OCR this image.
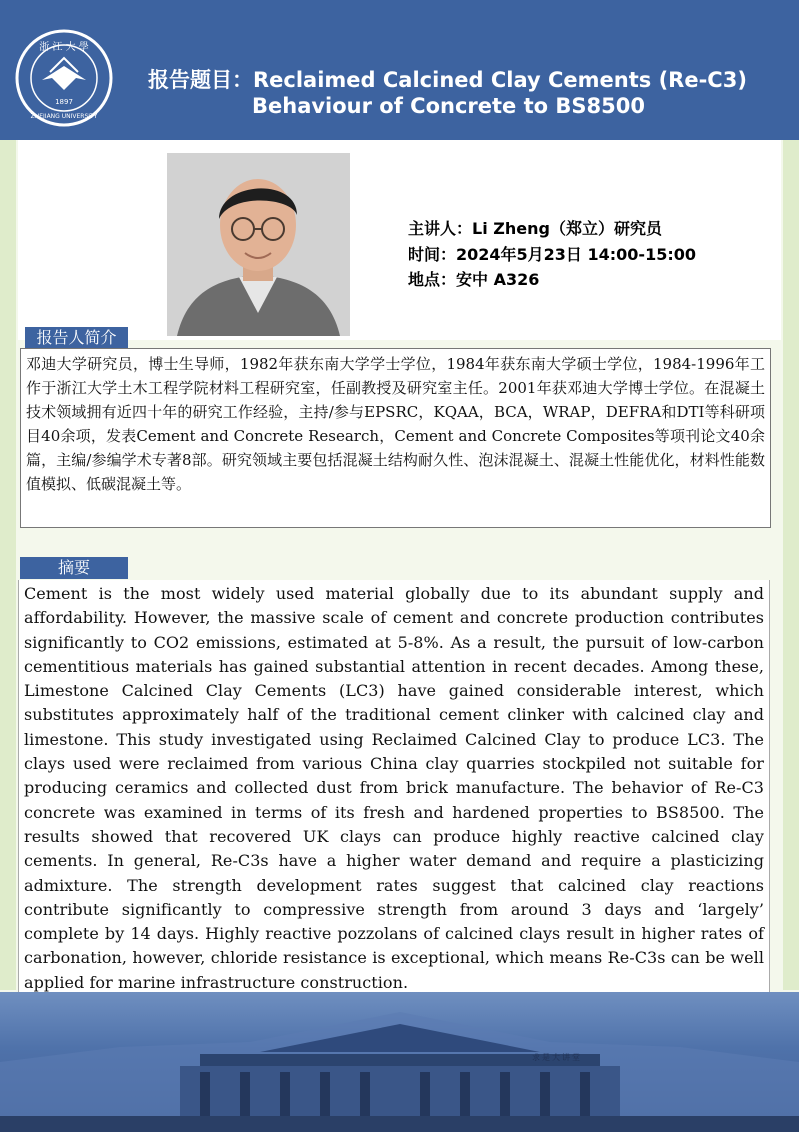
浙 江 大 學
1897
ZHEJIANG UNIVERSITY
报告题目：Reclaimed Calcined Clay Cements (Re-C3)
Behaviour of Concrete to BS8500
主讲人：Li Zheng（郑立）研究员
时间：2024年5月23日 14:00-15:00
地点：安中 A326
报告人简介
邓迪大学研究员，博士生导师，1982年获东南大学学士学位，1984年获东南大学硕士学位，1984-1996年工作于浙江大学土木工程学院材料工程研究室，任副教授及研究室主任。2001年获邓迪大学博士学位。在混凝土技术领域拥有近四十年的研究工作经验，主持/参与EPSRC，KQAA，BCA，WRAP，DEFRA和DTI等科研项目40余项，发表Cement and Concrete Research，Cement and Concrete Composites等项刊论文40余篇，主编/参编学术专著8部。研究领域主要包括混凝土结构耐久性、泡沫混凝土、混凝土性能优化，材料性能数值模拟、低碳混凝土等。
摘要
Cement is the most widely used material globally due to its abundant supply and affordability. However, the massive scale of cement and concrete production contributes significantly to CO2 emissions, estimated at 5-8%. As a result, the pursuit of low-carbon cementitious materials has gained substantial attention in recent decades. Among these, Limestone Calcined Clay Cements (LC3) have gained considerable interest, which substitutes approximately half of the traditional cement clinker with calcined clay and limestone. This study investigated using Reclaimed Calcined Clay to produce LC3. The clays used were reclaimed from various China clay quarries stockpiled not suitable for producing ceramics and collected dust from brick manufacture. The behavior of Re-C3 concrete was examined in terms of its fresh and hardened properties to BS8500. The results showed that recovered UK clays can produce highly reactive calcined clay cements. In general, Re-C3s have a higher water demand and require a plasticizing admixture. The strength development rates suggest that calcined clay reactions contribute significantly to compressive strength from around 3 days and ‘largely’ complete by 14 days. Highly reactive pozzolans of calcined clays result in higher rates of carbonation, however, chloride resistance is exceptional, which means Re-C3s can be well applied for marine infrastructure construction.
求是大讲堂
